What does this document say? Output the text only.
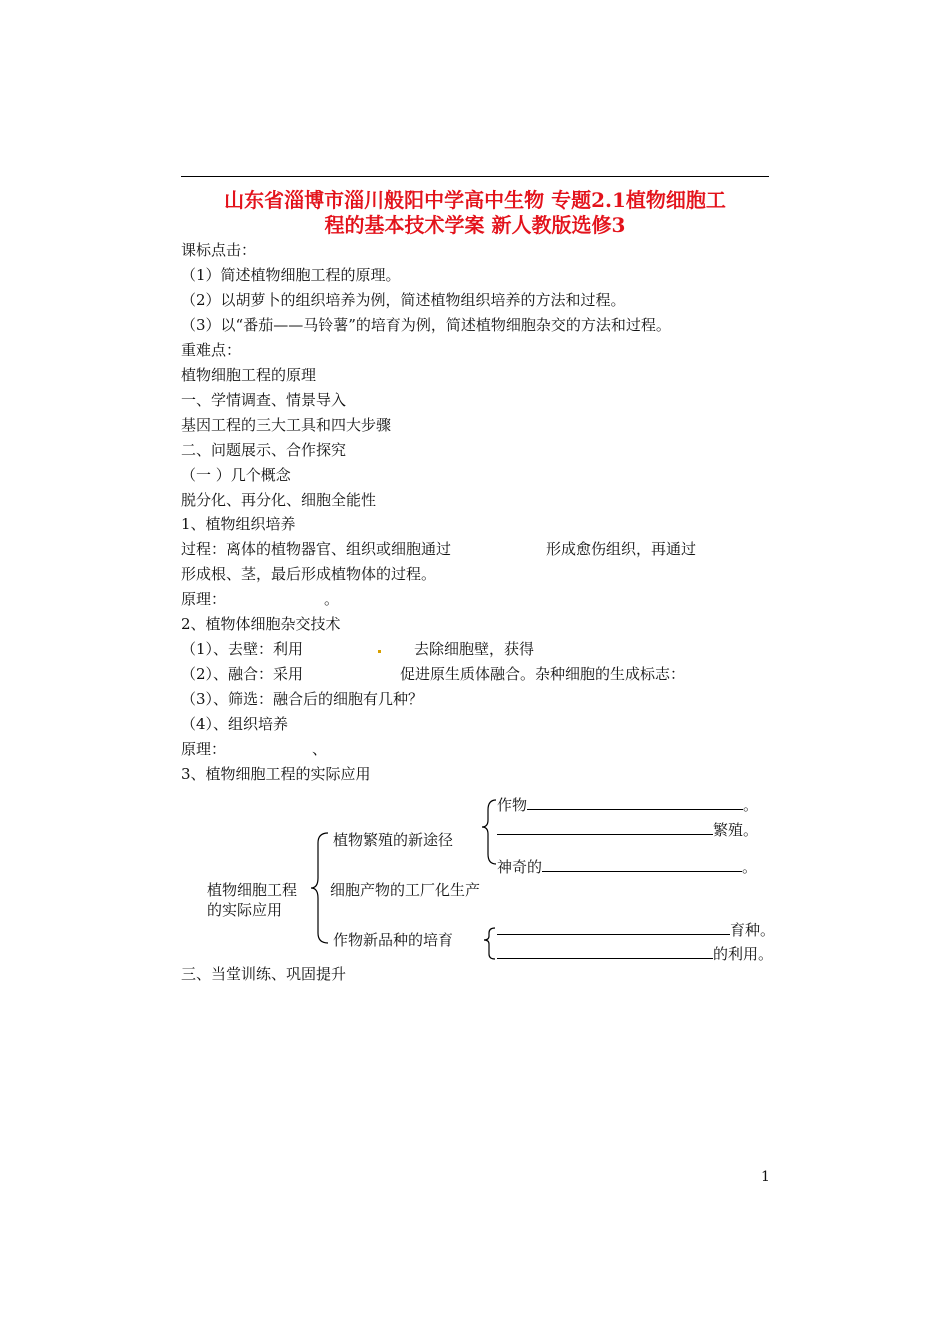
山东省淄博市淄川般阳中学高中生物 专题2.1植物细胞工
程的基本技术学案 新人教版选修3
课标点击：
（1）简述植物细胞工程的原理。
（2）以胡萝卜的组织培养为例，简述植物组织培养的方法和过程。
（3）以“番茄——马铃薯”的培育为例，简述植物细胞杂交的方法和过程。
重难点：
植物细胞工程的原理
一、学情调查、情景导入
基因工程的三大工具和四大步骤
二、问题展示、合作探究
（一 ）几个概念
脱分化、再分化、细胞全能性
1、植物组织培养
过程：离体的植物器官、组织或细胞通过	形成愈伤组织，再通过
形成根、茎，最后形成植物体的过程。
原理：	。
2、植物体细胞杂交技术
（1）、去壁：利用	去除细胞壁，获得
（2）、融合：采用	促进原生质体融合。杂种细胞的生成标志：
（3）、筛选：融合后的细胞有几种？
（4）、组织培养
原理：	、
3、植物细胞工程的实际应用
植物细胞工程
的实际应用
植物繁殖的新途径
细胞产物的工厂化生产
作物新品种的培育
作物	。
繁殖。
神奇的	。
育种。
的利用。
三、当堂训练、巩固提升
1
